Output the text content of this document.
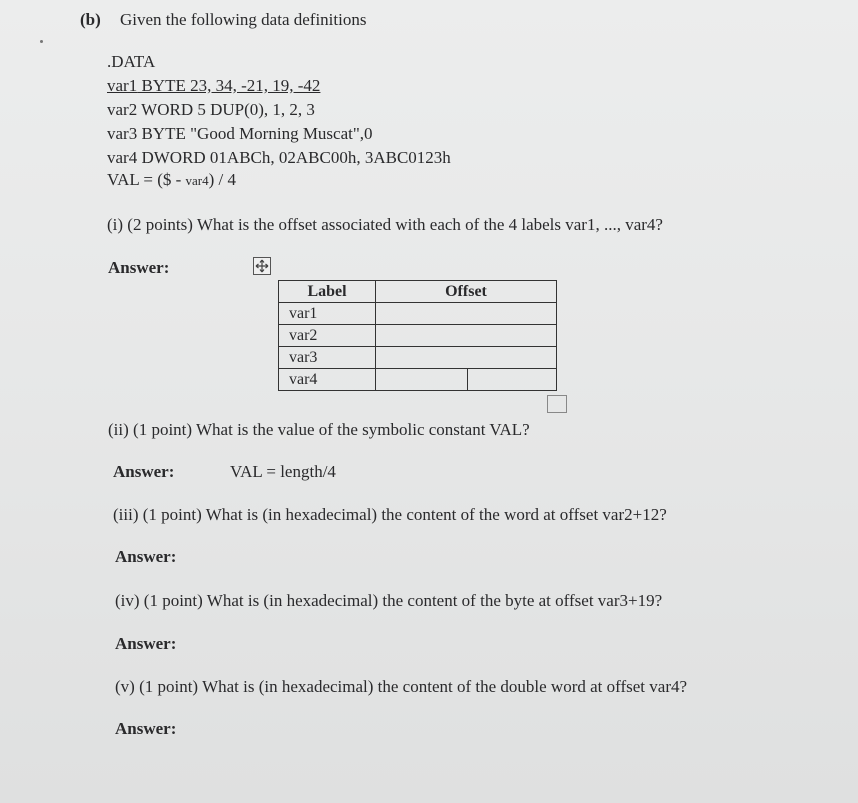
(b) Given the following data definitions
.DATA
var1 BYTE 23, 34, -21, 19, -42
var2 WORD 5 DUP(0), 1, 2, 3
var3 BYTE "Good Morning Muscat",0
var4 DWORD 01ABCh, 02ABC00h, 3ABC0123h
VAL = ($ - var4) / 4
(i) (2 points) What is the offset associated with each of the 4 labels var1, ..., var4?
Answer:
Label	Offset	
var1		
var2		
var3		
var4		
(ii) (1 point) What is the value of the symbolic constant VAL?
Answer:	VAL = length/4
(iii) (1 point) What is (in hexadecimal) the content of the word at offset var2+12?
Answer:
(iv) (1 point) What is (in hexadecimal) the content of the byte at offset var3+19?
Answer:
(v) (1 point) What is (in hexadecimal) the content of the double word at offset var4?
Answer:
